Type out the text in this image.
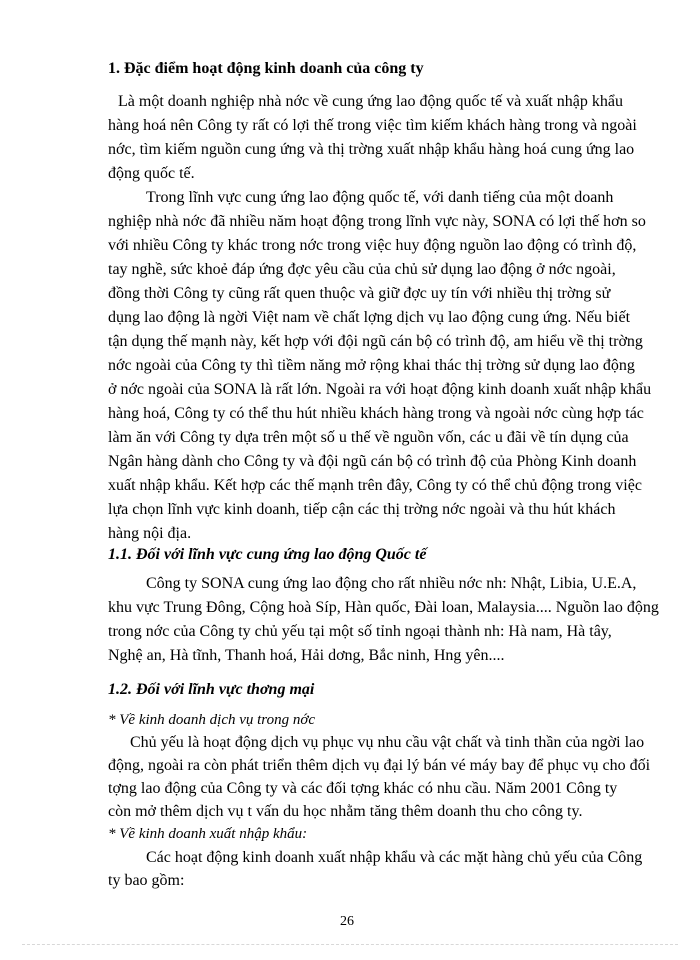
1. Đặc điểm hoạt động kinh doanh của công ty
Là một doanh nghiệp nhà nớc về cung ứng lao động quốc tế và xuất nhập khẩu
hàng hoá nên Công ty rất có lợi thế trong việc tìm kiếm khách hàng trong và ngoài
nớc, tìm kiếm nguồn cung ứng và thị trờng xuất nhập khẩu hàng hoá cung ứng lao
động quốc tế.
Trong lĩnh vực cung ứng lao động quốc tế, với danh tiếng của một doanh
nghiệp nhà nớc đã nhiều năm hoạt động trong lĩnh vực này, SONA có lợi thế hơn so
với nhiều Công ty khác trong nớc trong việc huy động nguồn lao động có trình độ,
tay nghề, sức khoẻ đáp ứng đợc yêu cầu của chủ sử dụng lao động ở nớc ngoài,
đồng thời Công ty cũng rất quen thuộc và giữ đợc uy tín với nhiều thị trờng sử
dụng lao động là ngời Việt nam về chất lợng dịch vụ lao động cung ứng. Nếu biết
tận dụng thế mạnh này, kết hợp với đội ngũ cán bộ có trình độ, am hiểu về thị trờng
nớc ngoài của Công ty thì tiềm năng mở rộng khai thác thị trờng sử dụng lao động
ở nớc ngoài của SONA là rất lớn. Ngoài ra với hoạt động kinh doanh xuất nhập khẩu
hàng hoá, Công ty có thể thu hút nhiều khách hàng trong và ngoài nớc cùng hợp tác
làm ăn với Công ty dựa trên một số u thế về nguồn vốn, các u đãi về tín dụng của
Ngân hàng dành cho Công ty và đội ngũ cán bộ có trình độ của Phòng Kinh doanh
xuất nhập khẩu. Kết hợp các thế mạnh trên đây, Công ty có thể chủ động trong việc
lựa chọn lĩnh vực kinh doanh, tiếp cận các thị trờng nớc ngoài và thu hút khách
hàng nội địa.
1.1. Đối với lĩnh vực cung ứng lao động Quốc tế
Công ty SONA cung ứng lao động cho rất nhiều nớc nh: Nhật, Libia, U.E.A,
khu vực Trung Đông, Cộng hoà Síp, Hàn quốc, Đài loan, Malaysia.... Nguồn lao động
trong nớc của Công ty chủ yếu tại một số tỉnh ngoại thành nh: Hà nam, Hà tây,
Nghệ an, Hà tĩnh, Thanh hoá, Hải dơng, Bắc ninh, Hng yên....
1.2. Đối với lĩnh vực thơng mại
* Về kinh doanh dịch vụ trong nớc
Chủ yếu là hoạt động dịch vụ phục vụ nhu cầu vật chất và tinh thần của ngời lao
động, ngoài ra còn phát triển thêm dịch vụ đại lý bán vé máy bay để phục vụ cho đối
tợng lao động của Công ty và các đối tợng khác có nhu cầu. Năm 2001 Công ty
còn mở thêm dịch vụ t vấn du học nhằm tăng thêm doanh thu cho công ty.
* Về kinh doanh xuất nhập khẩu:
Các hoạt động kinh doanh xuất nhập khẩu và các mặt hàng chủ yếu của Công
ty bao gồm:
26
